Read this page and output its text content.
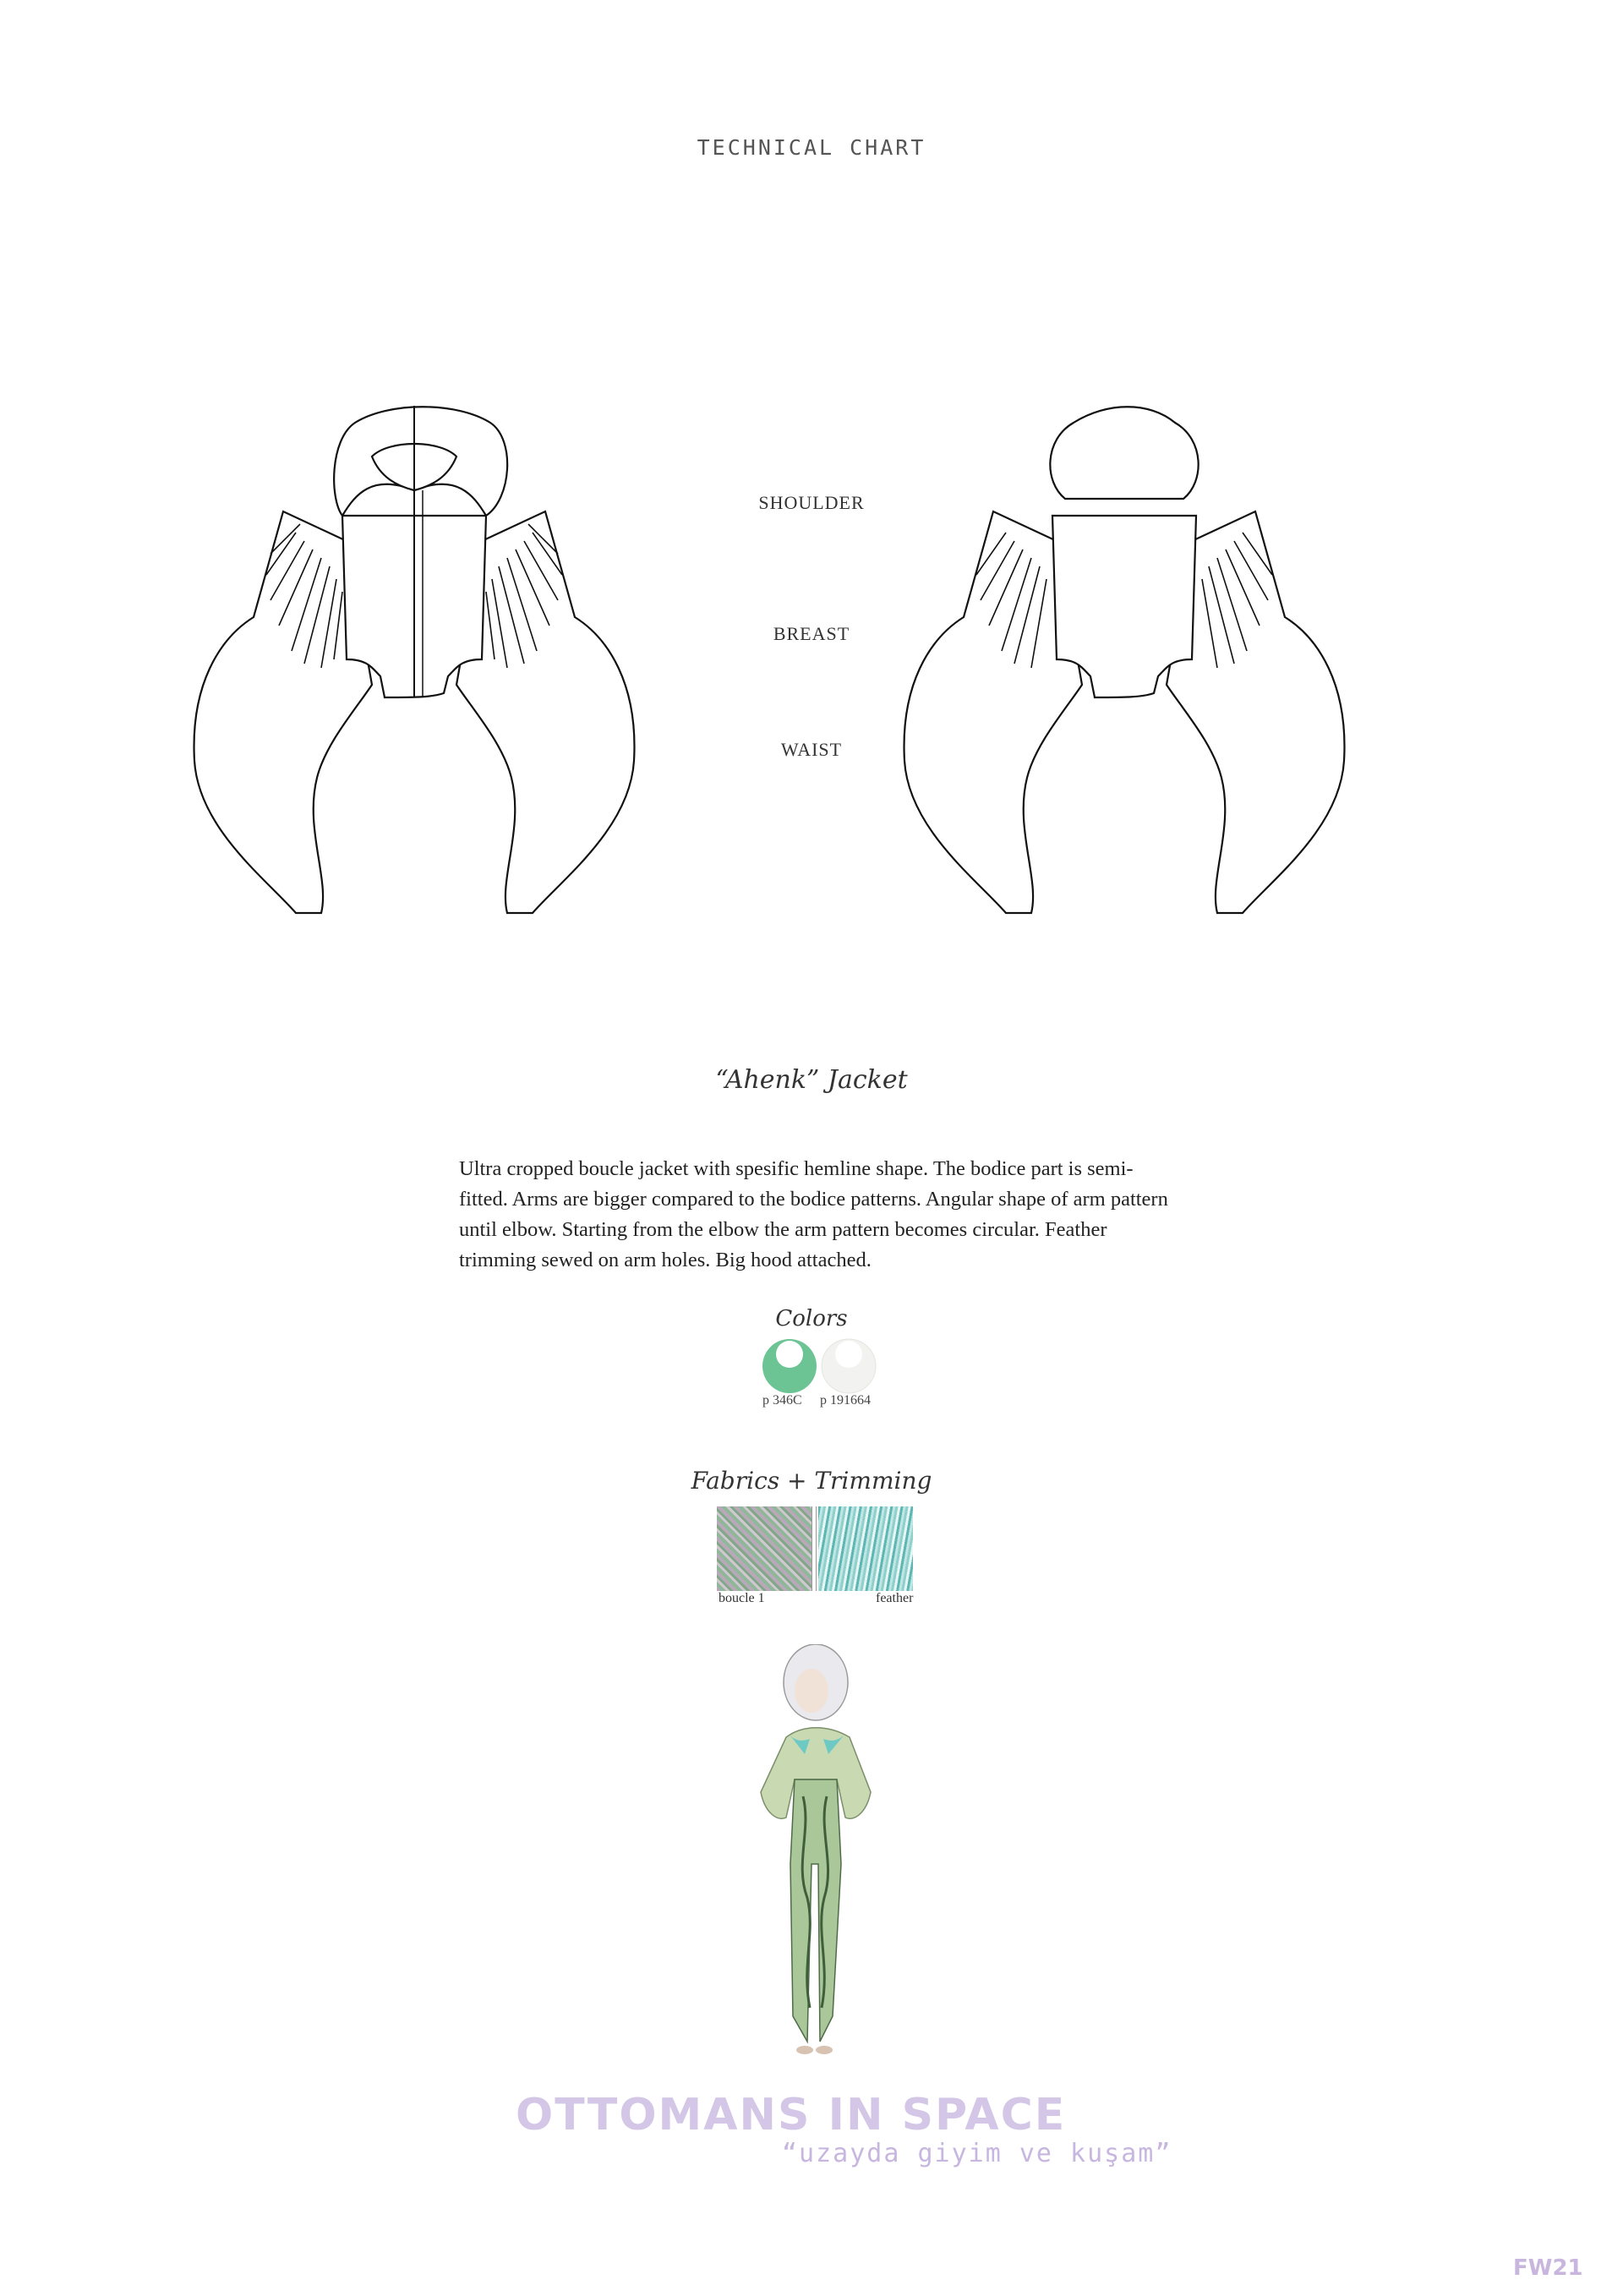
TECHNICAL CHART
SHOULDER
BREAST
WAIST
“Ahenk” Jacket
Ultra cropped boucle jacket with spesific hemline shape. The bodice part is semi-fitted. Arms are bigger compared to the bodice patterns. Angular shape of arm pattern until elbow. Starting from the elbow the arm pattern becomes circular. Feather trimming sewed on arm holes. Big hood attached.
Colors
p 346C p 191664
Fabrics + Trimming
boucle 1	feather
OTTOMANS IN SPACE
“uzayda giyim ve kuşam”
FW21
